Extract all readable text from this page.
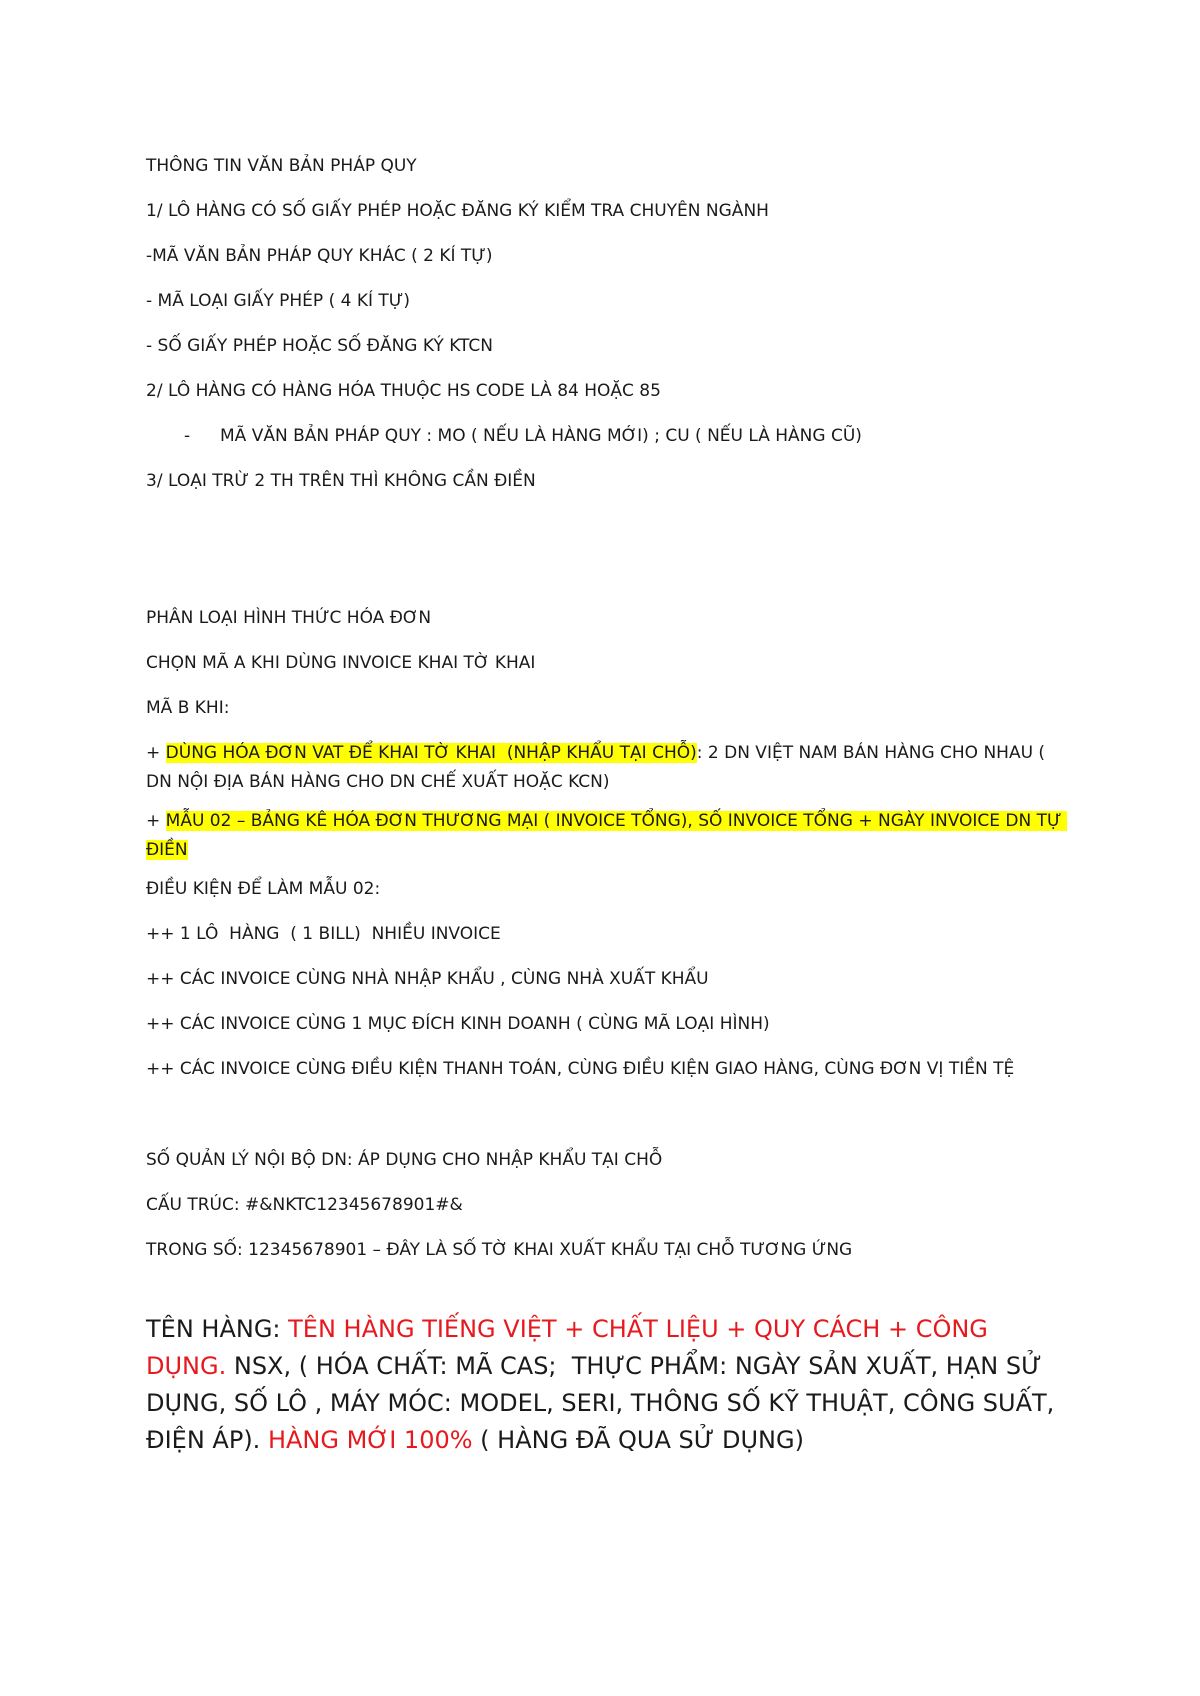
THÔNG TIN VĂN BẢN PHÁP QUY

1/ LÔ HÀNG CÓ SỐ GIẤY PHÉP HOẶC ĐĂNG KÝ KIỂM TRA CHUYÊN NGÀNH

-MÃ VĂN BẢN PHÁP QUY KHÁC ( 2 KÍ TỰ)

- MÃ LOẠI GIẤY PHÉP ( 4 KÍ TỰ)

- SỐ GIẤY PHÉP HOẶC SỐ ĐĂNG KÝ KTCN

2/ LÔ HÀNG CÓ HÀNG HÓA THUỘC HS CODE LÀ 84 HOẶC 85

- MÃ VĂN BẢN PHÁP QUY : MO ( NẾU LÀ HÀNG MỚI) ; CU ( NẾU LÀ HÀNG CŨ)

3/ LOẠI TRỪ 2 TH TRÊN THÌ KHÔNG CẦN ĐIỀN

PHÂN LOẠI HÌNH THỨC HÓA ĐƠN

CHỌN MÃ A KHI DÙNG INVOICE KHAI TỜ KHAI

MÃ B KHI:

+ DÙNG HÓA ĐƠN VAT ĐỂ KHAI TỜ KHAI  (NHẬP KHẨU TẠI CHỖ): 2 DN VIỆT NAM BÁN HÀNG CHO NHAU ( DN NỘI ĐỊA BÁN HÀNG CHO DN CHẾ XUẤT HOẶC KCN)

+ MẪU 02 – BẢNG KÊ HÓA ĐƠN THƯƠNG MẠI ( INVOICE TỔNG), SỐ INVOICE TỔNG + NGÀY INVOICE DN TỰ ĐIỀN

ĐIỀU KIỆN ĐỂ LÀM MẪU 02:

++ 1 LÔ  HÀNG  ( 1 BILL)  NHIỀU INVOICE

++ CÁC INVOICE CÙNG NHÀ NHẬP KHẨU , CÙNG NHÀ XUẤT KHẨU

++ CÁC INVOICE CÙNG 1 MỤC ĐÍCH KINH DOANH ( CÙNG MÃ LOẠI HÌNH)

++ CÁC INVOICE CÙNG ĐIỀU KIỆN THANH TOÁN, CÙNG ĐIỀU KIỆN GIAO HÀNG, CÙNG ĐƠN VỊ TIỀN TỆ

SỐ QUẢN LÝ NỘI BỘ DN: ÁP DỤNG CHO NHẬP KHẨU TẠI CHỖ

CẤU TRÚC: #&NKTC12345678901#&

TRONG SỐ: 12345678901 – ĐÂY LÀ SỐ TỜ KHAI XUẤT KHẨU TẠI CHỖ TƯƠNG ỨNG

TÊN HÀNG: TÊN HÀNG TIẾNG VIỆT + CHẤT LIỆU + QUY CÁCH + CÔNG DỤNG. NSX, ( HÓA CHẤT: MÃ CAS;  THỰC PHẨM: NGÀY SẢN XUẤT, HẠN SỬ DỤNG, SỐ LÔ , MÁY MÓC: MODEL, SERI, THÔNG SỐ KỸ THUẬT, CÔNG SUẤT, ĐIỆN ÁP). HÀNG MỚI 100% ( HÀNG ĐÃ QUA SỬ DỤNG)
